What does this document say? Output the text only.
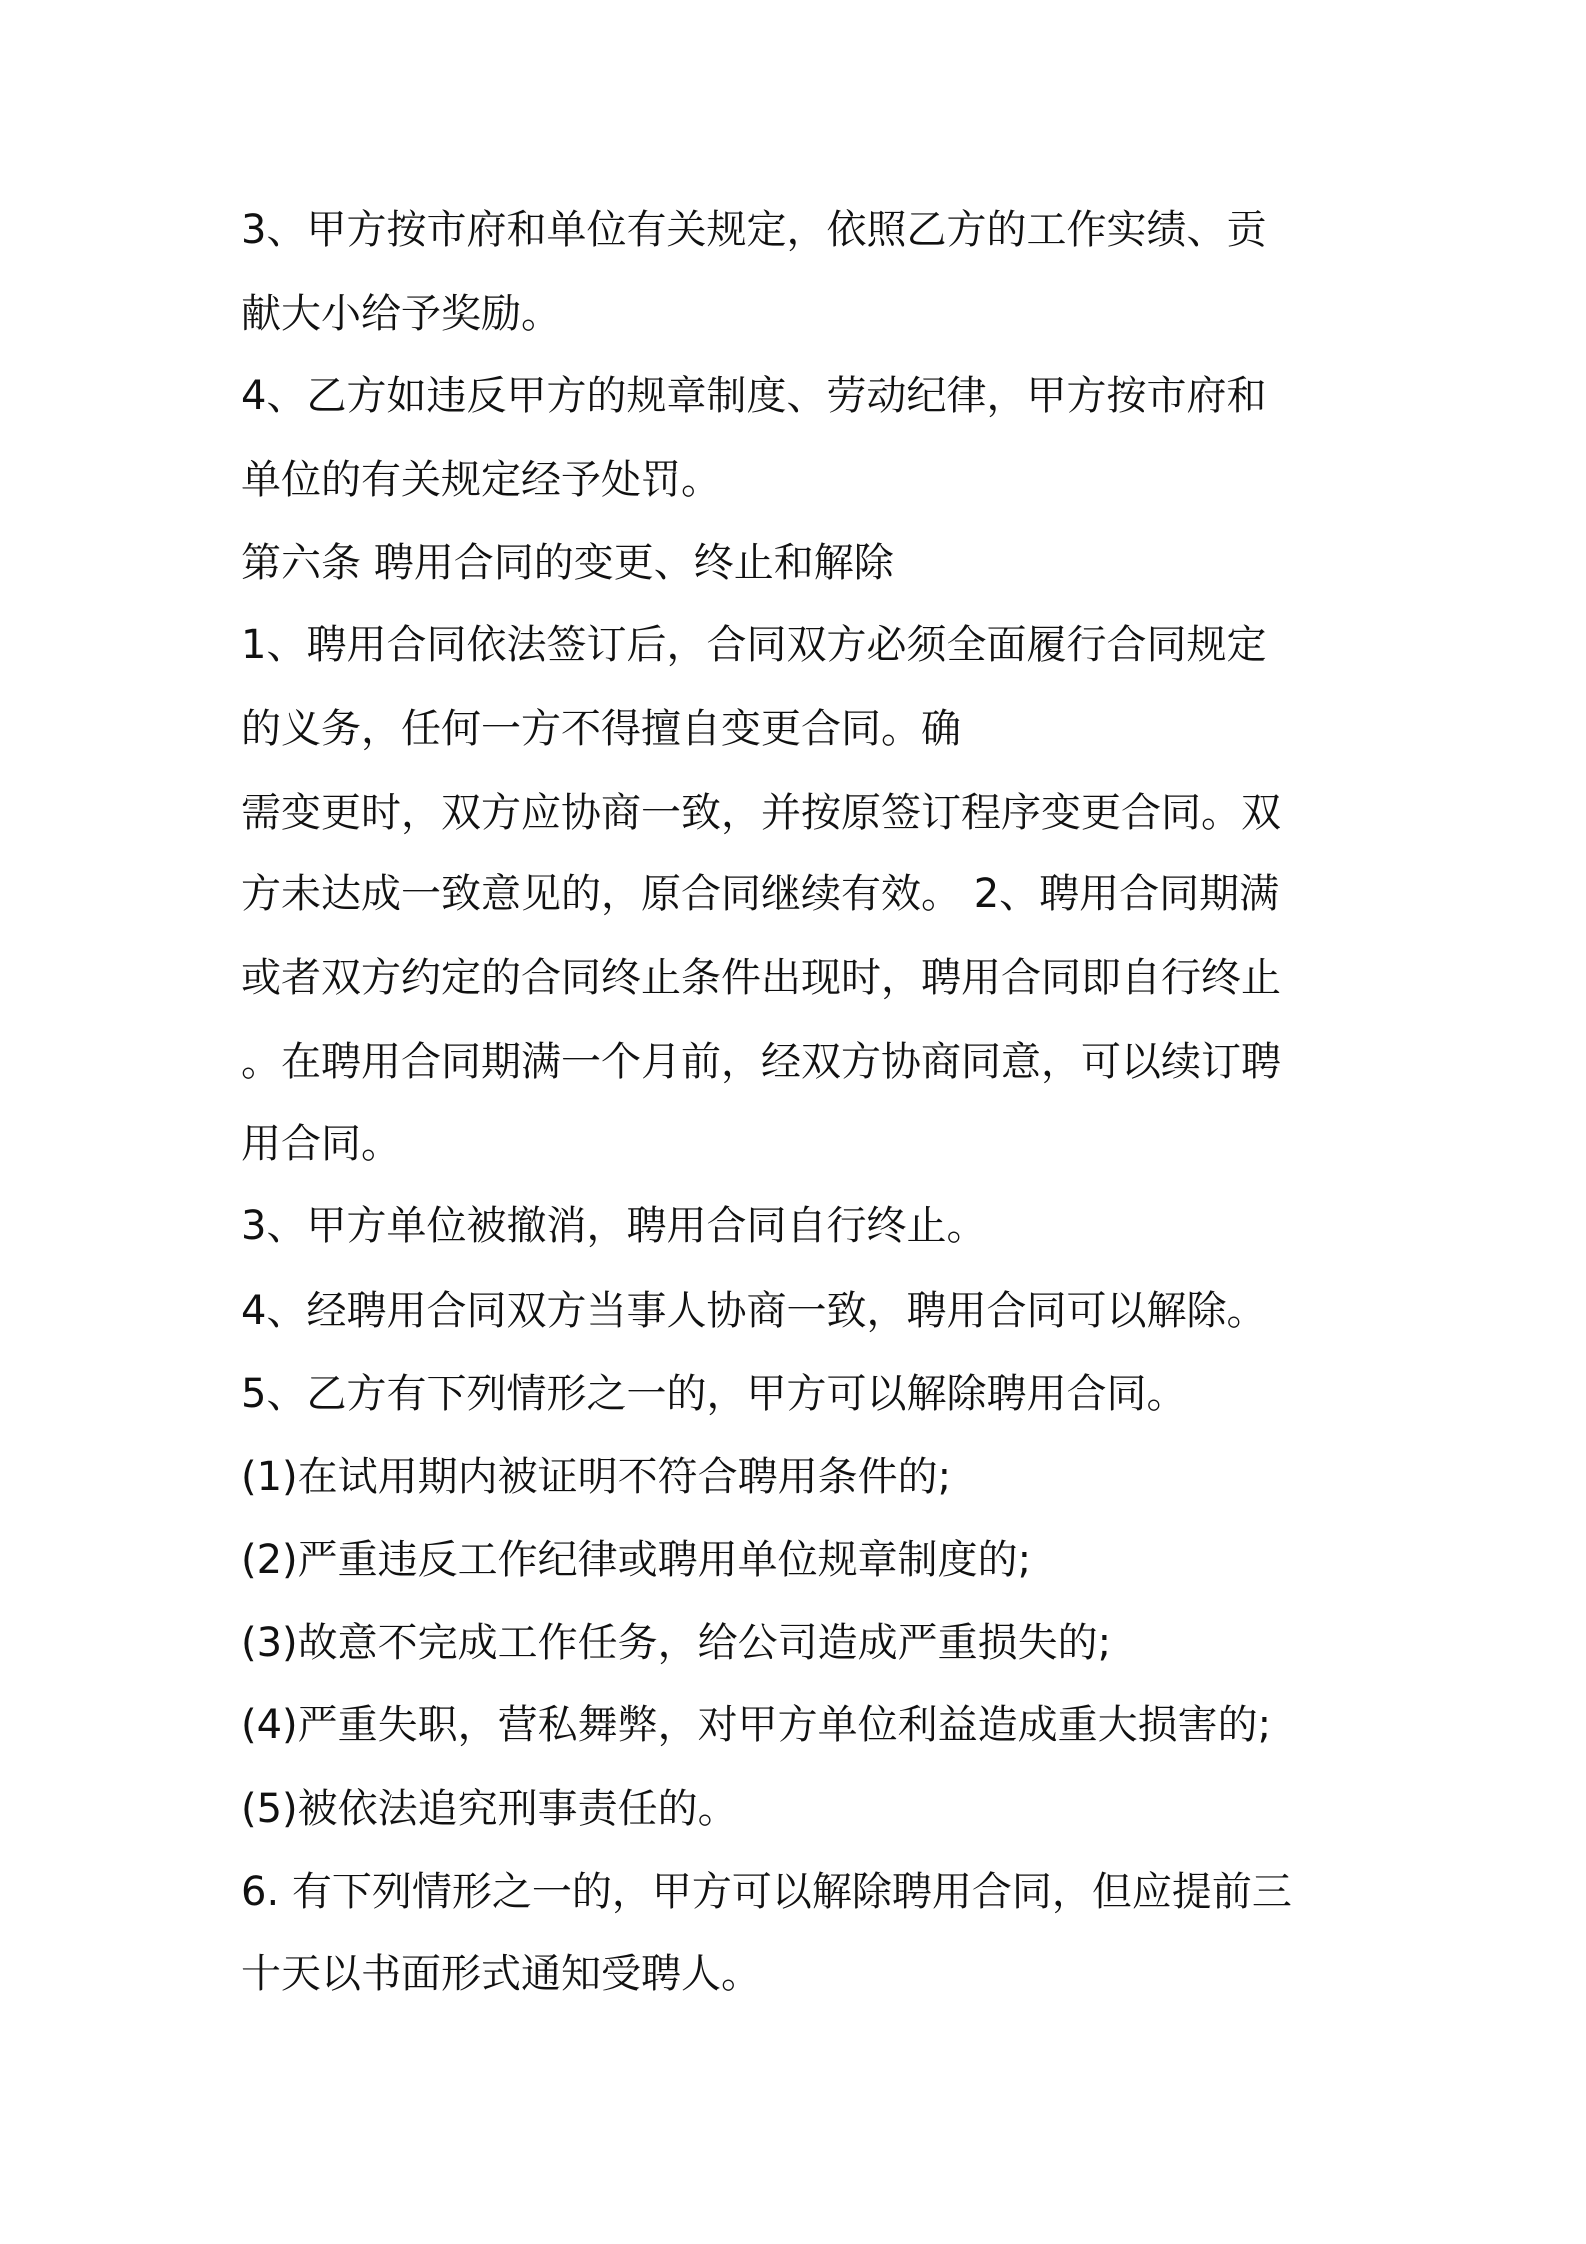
3、甲方按市府和单位有关规定，依照乙方的工作实绩、贡
献大小给予奖励。
4、乙方如违反甲方的规章制度、劳动纪律，甲方按市府和
单位的有关规定经予处罚。
第六条 聘用合同的变更、终止和解除
1、聘用合同依法签订后，合同双方必须全面履行合同规定
的义务，任何一方不得擅自变更合同。确
需变更时，双方应协商一致，并按原签订程序变更合同。双
方未达成一致意见的，原合同继续有效。 2、聘用合同期满
或者双方约定的合同终止条件出现时，聘用合同即自行终止
。在聘用合同期满一个月前，经双方协商同意，可以续订聘
用合同。
3、甲方单位被撤消，聘用合同自行终止。
4、经聘用合同双方当事人协商一致，聘用合同可以解除。
5、乙方有下列情形之一的，甲方可以解除聘用合同。
(1)在试用期内被证明不符合聘用条件的;
(2)严重违反工作纪律或聘用单位规章制度的;
(3)故意不完成工作任务，给公司造成严重损失的;
(4)严重失职，营私舞弊，对甲方单位利益造成重大损害的;
(5)被依法追究刑事责任的。
6. 有下列情形之一的，甲方可以解除聘用合同，但应提前三
十天以书面形式通知受聘人。
